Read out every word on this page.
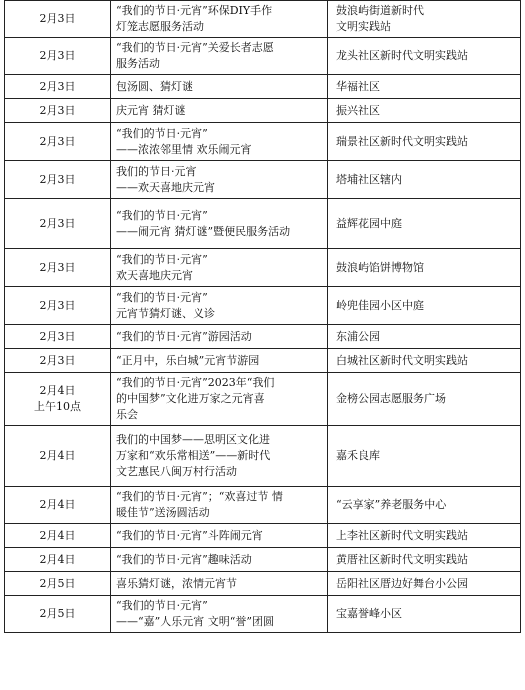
2月3日	“我们的节日·元宵”环保DIY手作
灯笼志愿服务活动	鼓浪屿街道新时代
文明实践站

2月3日	“我们的节日·元宵”关爱长者志愿
服务活动	龙头社区新时代文明实践站

2月3日	包汤圆、猜灯谜	华福社区

2月3日	庆元宵 猜灯谜	振兴社区

2月3日	“我们的节日·元宵”
——浓浓邻里情 欢乐闹元宵	瑞景社区新时代文明实践站

2月3日	我们的节日·元宵
——欢天喜地庆元宵	塔埔社区辖内

2月3日	“我们的节日·元宵”
——闹元宵 猜灯谜”暨便民服务活动	益辉花园中庭

2月3日	“我们的节日·元宵”
欢天喜地庆元宵	鼓浪屿馅饼博物馆

2月3日	“我们的节日·元宵”
元宵节猜灯谜、义诊	岭兜佳园小区中庭

2月3日	“我们的节日·元宵”游园活动	东浦公园

2月3日	“正月中，乐白城”元宵节游园	白城社区新时代文明实践站

2月4日
上午10点	“我们的节日·元宵”2023年“我们
的中国梦”文化进万家之元宵喜
乐会	金榜公园志愿服务广场

2月4日	我们的中国梦——思明区文化进
万家和“欢乐常相送”——新时代
文艺惠民八闽万村行活动	嘉禾良库

2月4日	“我们的节日·元宵”；“欢喜过节 情
暖佳节”送汤圆活动	“云享家”养老服务中心

2月4日	“我们的节日·元宵”斗阵闹元宵	上李社区新时代文明实践站

2月4日	“我们的节日·元宵”趣味活动	黄厝社区新时代文明实践站

2月5日	喜乐猜灯谜，浓情元宵节	岳阳社区厝边好舞台小公园

2月5日	“我们的节日·元宵”
——“嘉”人乐元宵 文明“誉”团圆	宝嘉誉峰小区
